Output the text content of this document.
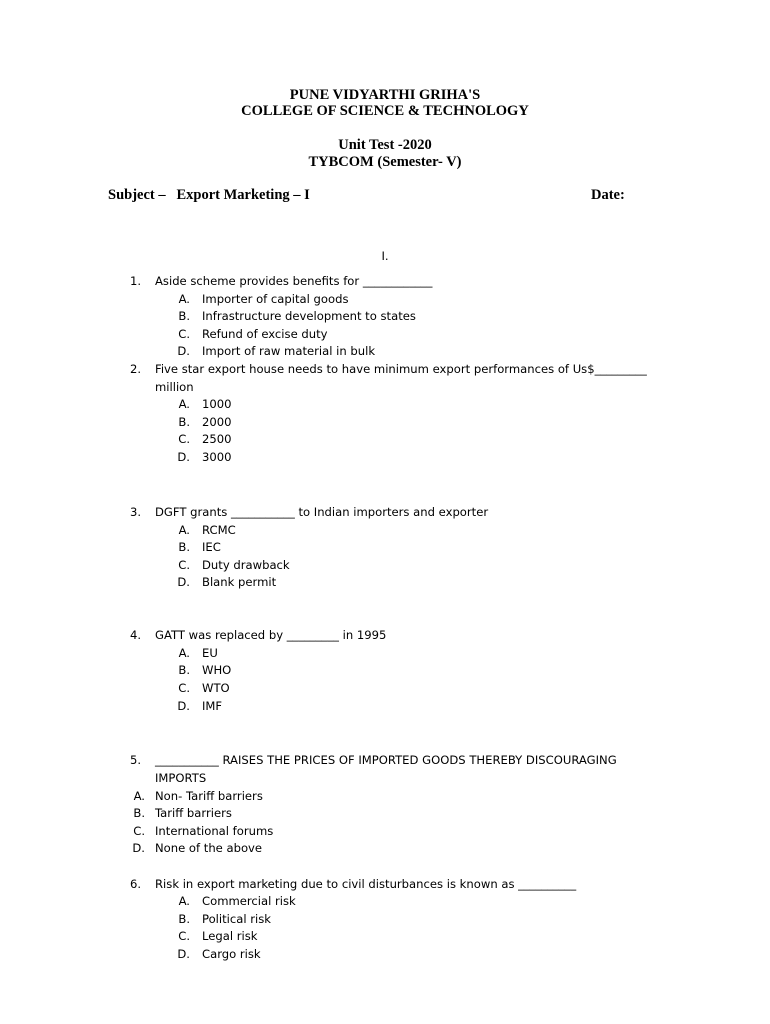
PUNE VIDYARTHI GRIHA'S
COLLEGE OF SCIENCE & TECHNOLOGY
Unit Test -2020
TYBCOM (Semester- V)
Subject –   Export Marketing – I	Date:
I.
1. Aside scheme provides benefits for ____________
A. Importer of capital goods
B. Infrastructure development to states
C. Refund of excise duty
D. Import of raw material in bulk
2. Five star export house needs to have minimum export performances of Us$_________
million
A. 1000
B. 2000
C. 2500
D. 3000
3. DGFT grants ___________ to Indian importers and exporter
A. RCMC
B. IEC
C. Duty drawback
D. Blank permit
4. GATT was replaced by _________ in 1995
A. EU
B. WHO
C. WTO
D. IMF
5. ___________ RAISES THE PRICES OF IMPORTED GOODS THEREBY DISCOURAGING
IMPORTS
A. Non- Tariff barriers
B. Tariff barriers
C. International forums
D. None of the above
6. Risk in export marketing due to civil disturbances is known as __________
A. Commercial risk
B. Political risk
C. Legal risk
D. Cargo risk
